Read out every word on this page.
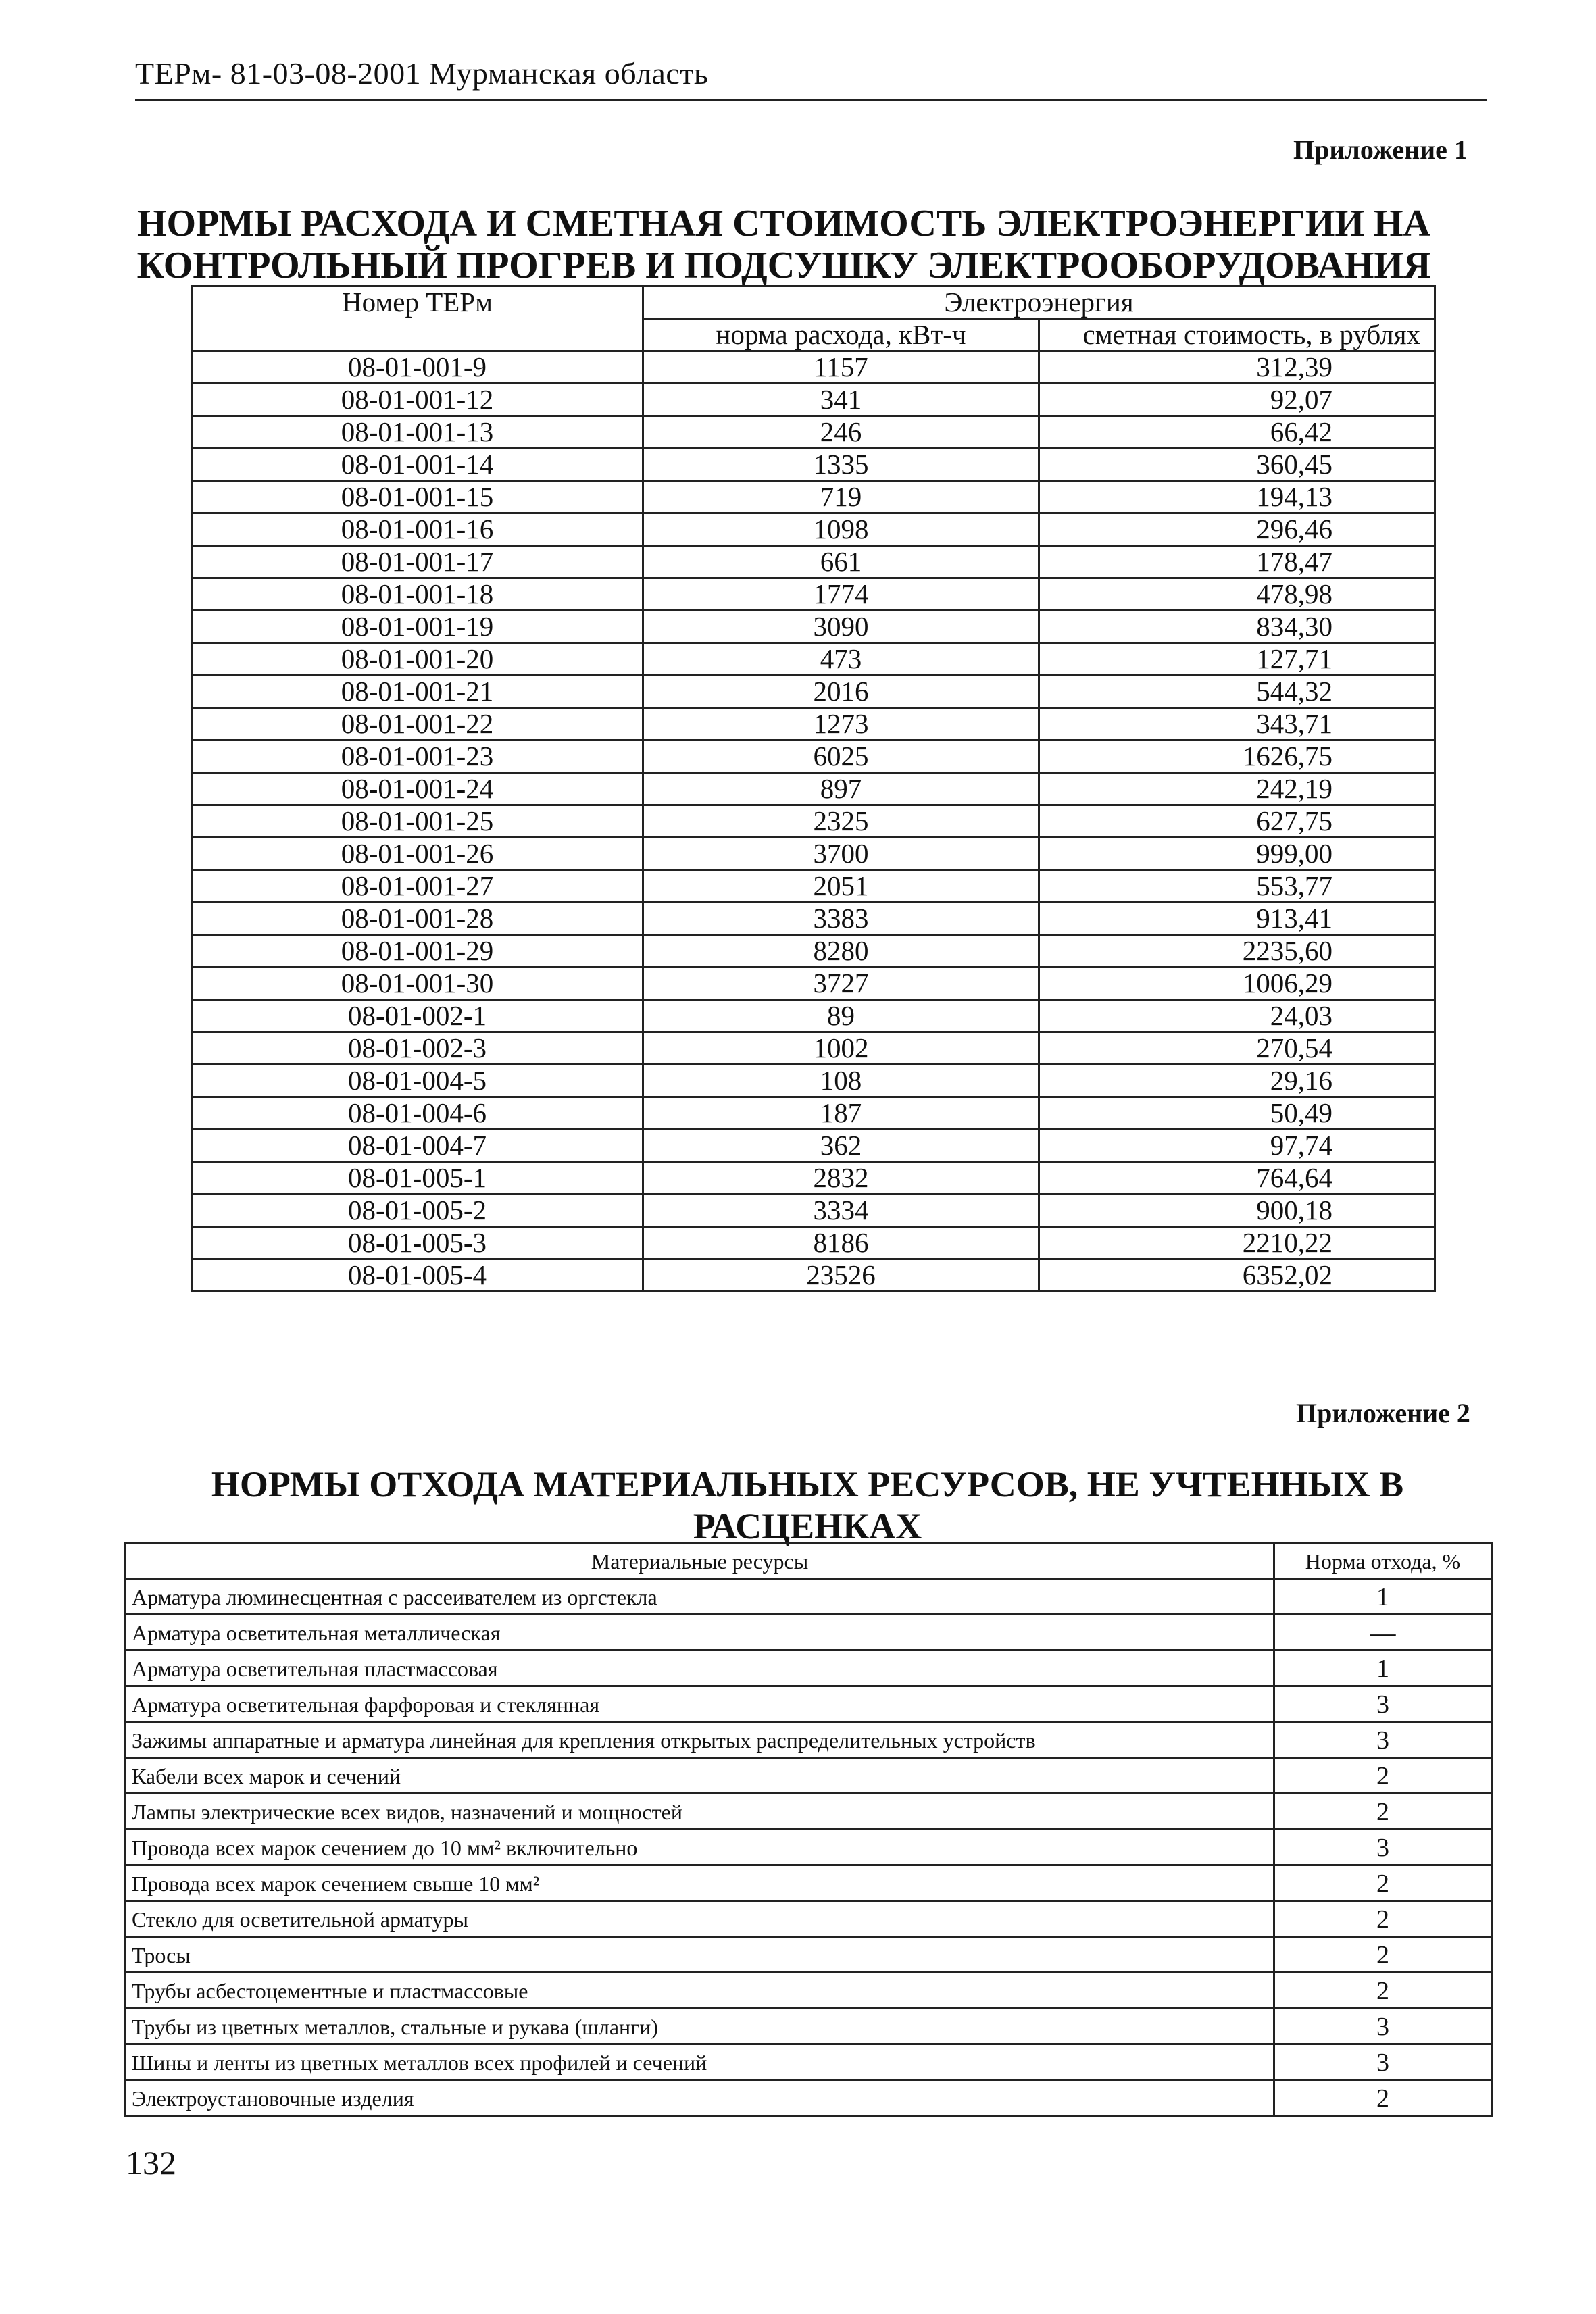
ТЕРм- 81-03-08-2001 Мурманская область
Приложение 1
НОРМЫ РАСХОДА И СМЕТНАЯ СТОИМОСТЬ ЭЛЕКТРОЭНЕРГИИ НА
КОНТРОЛЬНЫЙ ПРОГРЕВ И ПОДСУШКУ ЭЛЕКТРООБОРУДОВАНИЯ
Номер ТЕРм	Электроэнергия	
	норма расхода, кВт-ч	сметная стоимость, в рублях
08-01-001-9	1157	312,39
08-01-001-12	341	92,07
08-01-001-13	246	66,42
08-01-001-14	1335	360,45
08-01-001-15	719	194,13
08-01-001-16	1098	296,46
08-01-001-17	661	178,47
08-01-001-18	1774	478,98
08-01-001-19	3090	834,30
08-01-001-20	473	127,71
08-01-001-21	2016	544,32
08-01-001-22	1273	343,71
08-01-001-23	6025	1626,75
08-01-001-24	897	242,19
08-01-001-25	2325	627,75
08-01-001-26	3700	999,00
08-01-001-27	2051	553,77
08-01-001-28	3383	913,41
08-01-001-29	8280	2235,60
08-01-001-30	3727	1006,29
08-01-002-1	89	24,03
08-01-002-3	1002	270,54
08-01-004-5	108	29,16
08-01-004-6	187	50,49
08-01-004-7	362	97,74
08-01-005-1	2832	764,64
08-01-005-2	3334	900,18
08-01-005-3	8186	2210,22
08-01-005-4	23526	6352,02
Приложение 2
НОРМЫ ОТХОДА МАТЕРИАЛЬНЫХ РЕСУРСОВ, НЕ УЧТЕННЫХ В РАСЦЕНКАХ
Материальные ресурсы	Норма отхода, %
Арматура люминесцентная с рассеивателем из оргстекла	1
Арматура осветительная металлическая	—
Арматура осветительная пластмассовая	1
Арматура осветительная фарфоровая и стеклянная	3
Зажимы аппаратные и арматура линейная для крепления открытых распределительных устройств	3
Кабели всех марок и сечений	2
Лампы электрические всех видов, назначений и мощностей	2
Провода всех марок сечением до 10 мм² включительно	3
Провода всех марок сечением свыше 10 мм²	2
Стекло для осветительной арматуры	2
Тросы	2
Трубы асбестоцементные и пластмассовые	2
Трубы из цветных металлов, стальные и рукава (шланги)	3
Шины и ленты из цветных металлов всех профилей и сечений	3
Электроустановочные изделия	2
132
